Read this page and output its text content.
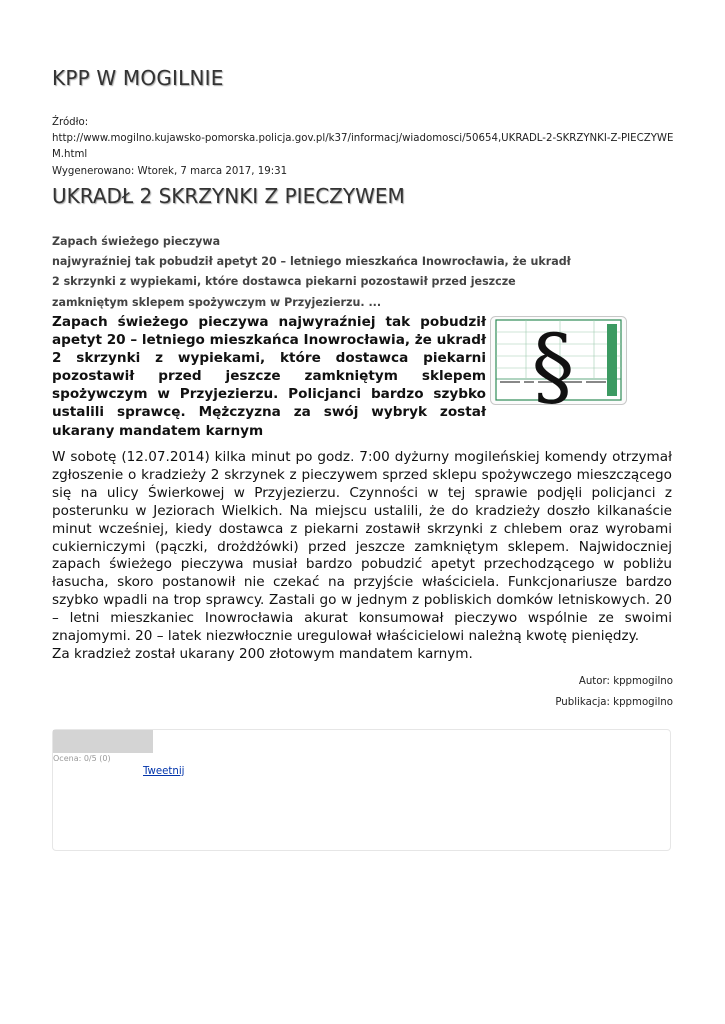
KPP W MOGILNIE
Źródło:
http://www.mogilno.kujawsko-pomorska.policja.gov.pl/k37/informacj/wiadomosci/50654,UKRADL-2-SKRZYNKI-Z-PIECZYWEM.html
Wygenerowano: Wtorek, 7 marca 2017, 19:31
UKRADŁ 2 SKRZYNKI Z PIECZYWEM
Zapach świeżego pieczywa
najwyraźniej tak pobudził apetyt 20 – letniego mieszkańca Inowrocławia, że ukradł
2 skrzynki z wypiekami, które dostawca piekarni pozostawił przed jeszcze
zamkniętym sklepem spożywczym w Przyjezierzu. ...
Zapach świeżego pieczywa najwyraźniej tak pobudził apetyt 20 – letniego mieszkańca Inowrocławia, że ukradł 2 skrzynki z wypiekami, które dostawca piekarni pozostawił przed jeszcze zamkniętym sklepem spożywczym w Przyjezierzu. Policjanci bardzo szybko ustalili sprawcę. Mężczyzna za swój wybryk został ukarany mandatem karnym
§

W sobotę (12.07.2014) kilka minut po godz. 7:00 dyżurny mogileńskiej komendy otrzymał zgłoszenie o kradzieży 2 skrzynek z pieczywem sprzed sklepu spożywczego mieszczącego się na ulicy Świerkowej w Przyjezierzu. Czynności w tej sprawie podjęli policjanci z posterunku w Jeziorach Wielkich. Na miejscu ustalili, że do kradzieży doszło kilkanaście minut wcześniej, kiedy dostawca z piekarni zostawił skrzynki z chlebem oraz wyrobami cukierniczymi (pączki, drożdżówki) przed jeszcze zamkniętym sklepem. Najwidoczniej zapach świeżego pieczywa musiał bardzo pobudzić apetyt przechodzącego w pobliżu łasucha, skoro postanowił nie czekać na przyjście właściciela. Funkcjonariusze bardzo szybko wpadli na trop sprawcy. Zastali go w jednym z pobliskich domków letniskowych. 20 – letni mieszkaniec Inowrocławia akurat konsumował pieczywo wspólnie ze swoimi znajomymi. 20 – latek niezwłocznie uregulował właścicielowi należną kwotę pieniędzy.

Za kradzież został ukarany 200 złotowym mandatem karnym.

Autor: kppmogilno
Publikacja: kppmogilno
Ocena: 0/5 (0)
Tweetnij
